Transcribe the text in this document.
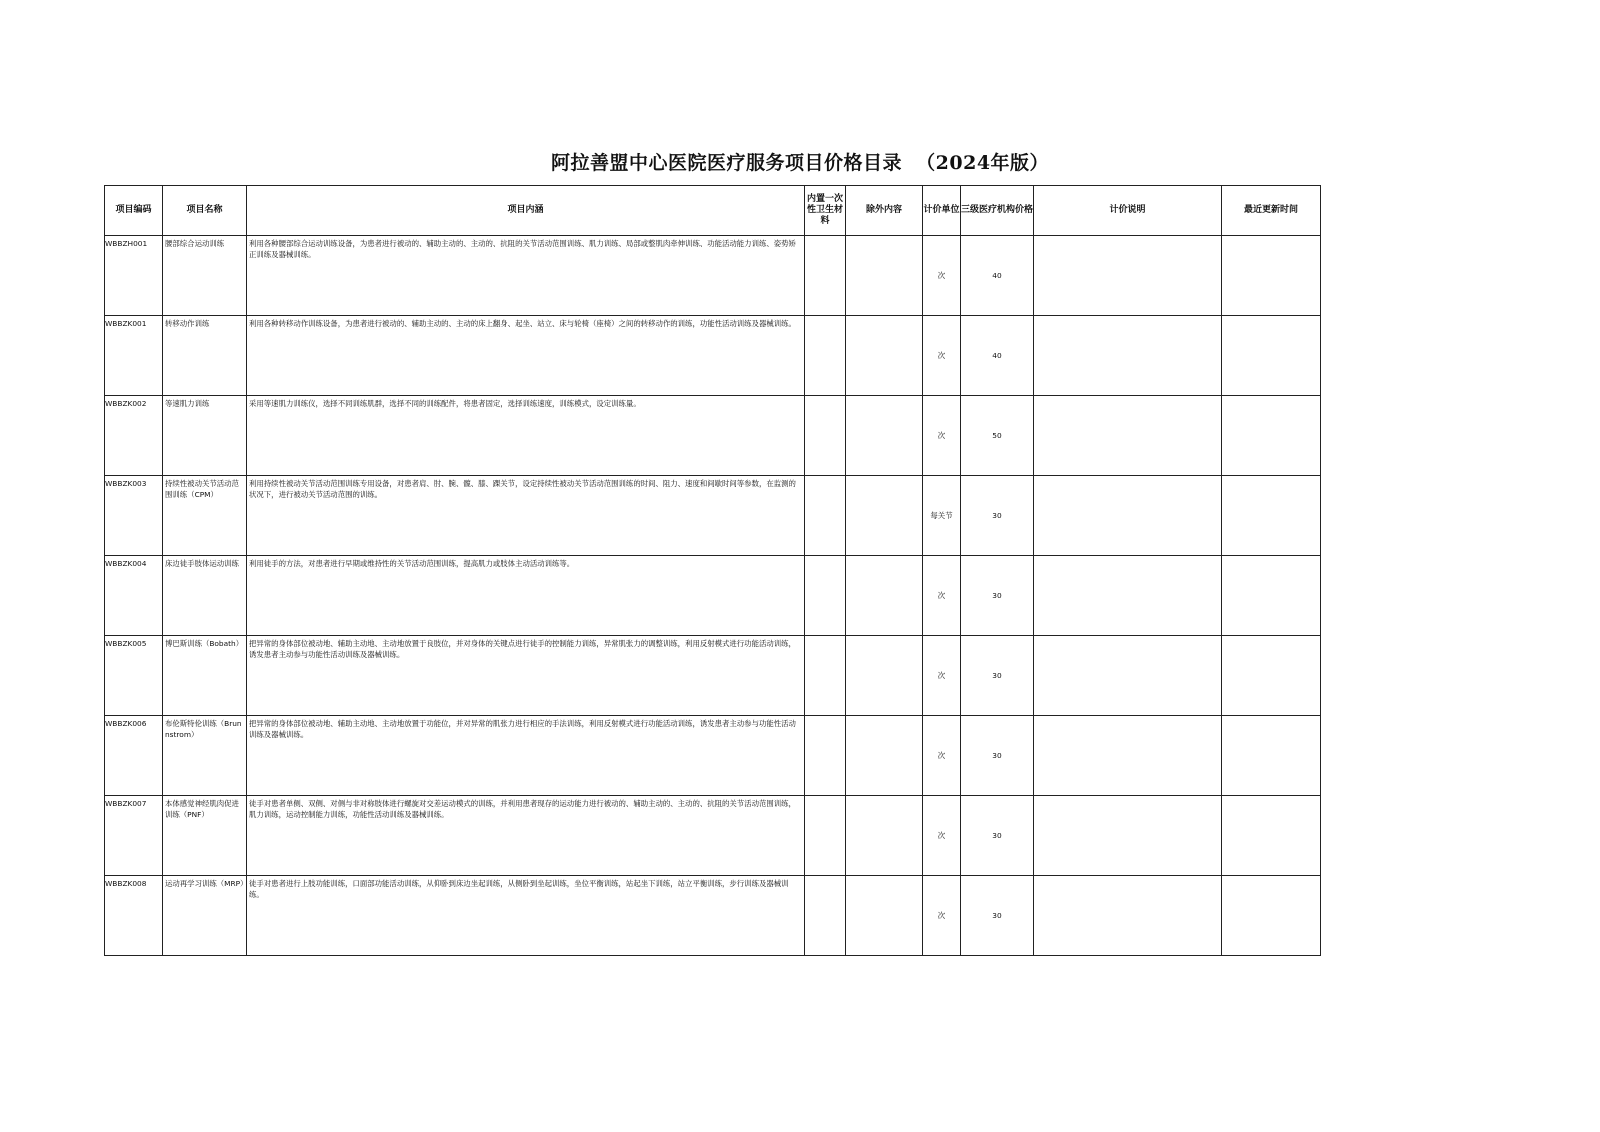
阿拉善盟中心医院医疗服务项目价格目录  （2024年版）
项目编码	项目名称	项目内涵	内置一次性卫生材料	除外内容	计价单位	三级医疗机构价格	计价说明	最近更新时间
WBBZH001	腰部综合运动训练	利用各种腰部综合运动训练设备，为患者进行被动的、辅助主动的、主动的、抗阻的关节活动范围训练、肌力训练、局部或整肌肉牵伸训练、功能活动能力训练、姿势矫正训练及器械训练。			次	40		
WBBZK001	转移动作训练	利用各种转移动作训练设备，为患者进行被动的、辅助主动的、主动的床上翻身、起坐、站立、床与轮椅（座椅）之间的转移动作的训练，功能性活动训练及器械训练。			次	40		
WBBZK002	等速肌力训练	采用等速肌力训练仪，选择不同训练肌群，选择不同的训练配件，将患者固定，选择训练速度，训练模式，设定训练量。			次	50		
WBBZK003	持续性被动关节活动范围训练（CPM）	利用持续性被动关节活动范围训练专用设备，对患者肩、肘、腕、髋、膝、踝关节，设定持续性被动关节活动范围训练的时间、阻力、速度和间歇时间等参数，在监测的状况下，进行被动关节活动范围的训练。			每关节	30		
WBBZK004	床边徒手肢体运动训练	利用徒手的方法，对患者进行早期或维持性的关节活动范围训练，提高肌力或肢体主动活动训练等。			次	30		
WBBZK005	博巴斯训练（Bobath）	把异常的身体部位被动地、辅助主动地、主动地放置于良肢位，并对身体的关键点进行徒手的控制能力训练，异常肌张力的调整训练，利用反射模式进行功能活动训练，诱发患者主动参与功能性活动训练及器械训练。			次	30		
WBBZK006	布伦斯特伦训练（Brunnstrom）	把异常的身体部位被动地、辅助主动地、主动地放置于功能位，并对异常的肌张力进行相应的手法训练，利用反射模式进行功能活动训练，诱发患者主动参与功能性活动训练及器械训练。			次	30		
WBBZK007	本体感觉神经肌肉促进训练（PNF）	徒手对患者单侧、双侧、对侧与非对称肢体进行螺旋对交差运动模式的训练，并利用患者现存的运动能力进行被动的、辅助主动的、主动的、抗阻的关节活动范围训练，肌力训练，运动控制能力训练，功能性活动训练及器械训练。			次	30		
WBBZK008	运动再学习训练（MRP）	徒手对患者进行上肢功能训练，口面部功能活动训练，从仰卧到床边坐起训练，从侧卧到坐起训练，坐位平衡训练，站起坐下训练，站立平衡训练，步行训练及器械训练。			次	30		
